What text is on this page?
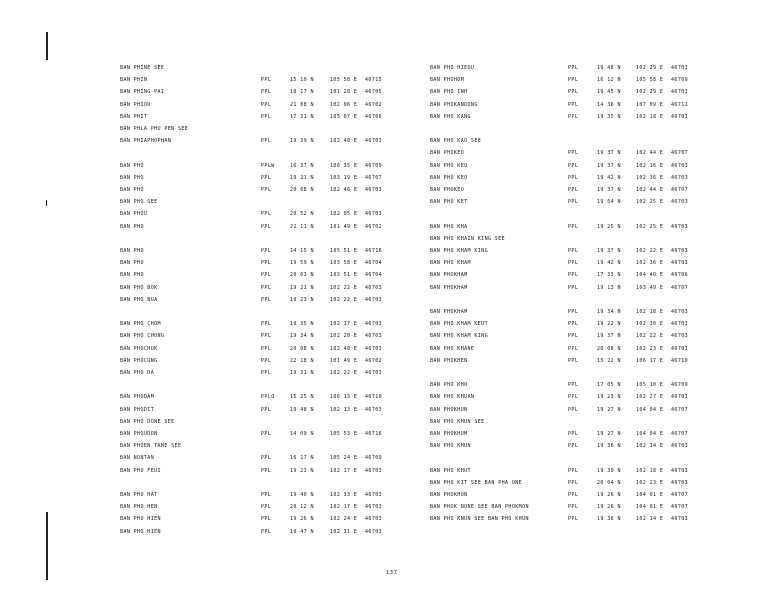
BAN PHINE SEE
BAN PHIN	PPL	15 10 N	105 58 E 46715
BAN PHING PAI	PPL	18 17 N	101 28 E 46705
BAN PHIOU	PPL	21 08 N	102 06 E 46702
BAN PHIT	PPL	17 31 N	105 07 E 46706
BAN PHLA PHU PEN SEE
BAN PHIAPHOPHAN	PPL	19 39 N	102 40 E 46703
BAN PHO	PPLW	16 37 N	106 35 E 46709
BAN PHO	PPL	19 21 N	103 19 E 46707
BAN PHO	PPL	20 08 N	102 46 E 46703
BAN PHO SEE
BAN PHOU	PPL	20 52 N	102 05 E 46703
BAN PHO	PPL	22 11 N	101 49 E 46702
BAN PHO	PPL	14 15 N	105 51 E 46716
BAN PHO	PPL	19 59 N	103 58 E 46704
BAN PHO	PPL	20 03 N	103 51 E 46704
BAN PHO BOK	PPL	19 21 N	102 22 E 46703
BAN PHO BUA	PPL	19 23 N	102 22 E 46703
BAN PHO CHOM	PPL	19 35 N	102 17 E 46703
BAN PHO CHONG	PPL	19 34 N	102 20 E 46703
BAN PHOCHUK	PPL	20 08 N	102 40 E 46703
BAN PHOCUNG	PPL	22 18 N	101 49 E 46702
BAN PHO DA	PPL	19 31 N	102 22 E 46703
BAN PHODAM	PPLQ	15 25 N	106 13 E 46710
BAN PHODIT	PPL	19 48 N	102 13 E 46703
BAN PHO DONE SEE
BAN PHOUDON	PPL	14 09 N	105 53 E 46716
BAN PHOEN TANE SEE
BAN NONTAN	PPL	16 17 N	105 24 E 46709
BAN PHO FEUI	PPL	19 23 N	102 17 E 46703
BAN PHO HAT	PPL	19 40 N	102 33 E 46703
BAN PHO HEN	PPL	20 12 N	102 17 E 46703
BAN PHO HIEN	PPL	19 26 N	102 24 E 46703
BAN PHO HIEN	PPL	19 47 N	102 31 E 46703
BAN PHO HIEOU	PPL	19 48 N	102 29 E 46703
BAN PHOHOM	PPL	16 12 N	105 58 E 46709
BAN PHO INH	PPL	19 45 N	102 29 E 46703
BAN PHOKANDONG	PPL	14 36 N	107 09 E 46711
BAN PHO KANG	PPL	19 35 N	102 18 E 46703
BAN PHO KAO SEE
BAN PHOKEO	PPL	19 37 N	102 44 E 46707
BAN PHO KEO	PPL	19 37 N	102 16 E 46703
BAN PHO KEO	PPL	19 42 N	102 36 E 46703
BAN PHOKEO	PPL	19 37 N	102 44 E 46707
BAN PHO KET	PPL	19 54 N	102 25 E 46703
BAN PHO KHA	PPL	19 25 N	102 25 E 46703
BAN PHO KHAIN KING SEE
BAN PHO KHAM KING	PPL	19 37 N	102 22 E 46703
BAN PHO KHAM	PPL	19 42 N	102 36 E 46703
BAN PHOKHAM	PPL	17 33 N	104 40 E 46706
BAN PHOKHAM	PPL	19 13 N	103 49 E 46707
BAN PHOKHAM	PPL	19 34 N	102 18 E 46703
BAN PHO KHAM KEUT	PPL	19 22 N	102 30 E 46703
BAN PHO KHAM KING	PPL	19 37 N	102 22 E 46703
BAN PHO KHANE	PPL	20 08 N	102 23 E 46703
BAN PHOKHEN	PPL	15 22 N	106 17 E 46710
BAN PHO KHO	PPL	17 05 N	105 10 E 46709
BAN PHO KHUAN	PPL	19 23 N	102 27 E 46703
BAN PHOKHUN	PPL	19 27 N	104 04 E 46707
BAN PHO KHUN SEE
BAN PHOKHUM	PPL	19 27 N	104 04 E 46707
BAN PHO KHUN	PPL	19 36 N	102 14 E 46703
BAN PHO KHUT	PPL	19 39 N	102 18 E 46703
BAN PHO KIT SEE BAN PHA ONE	PPL	20 04 N	102 23 E 46703
BAN PHOKHON	PPL	19 26 N	104 01 E 46707
BAN PHOK NONE SEE BAN PHOKMON	PPL	19 26 N	104 01 E 46707
BAN PHO KNUN SEE BAN PHO KHUN	PPL	19 36 N	102 14 E 46703
137
